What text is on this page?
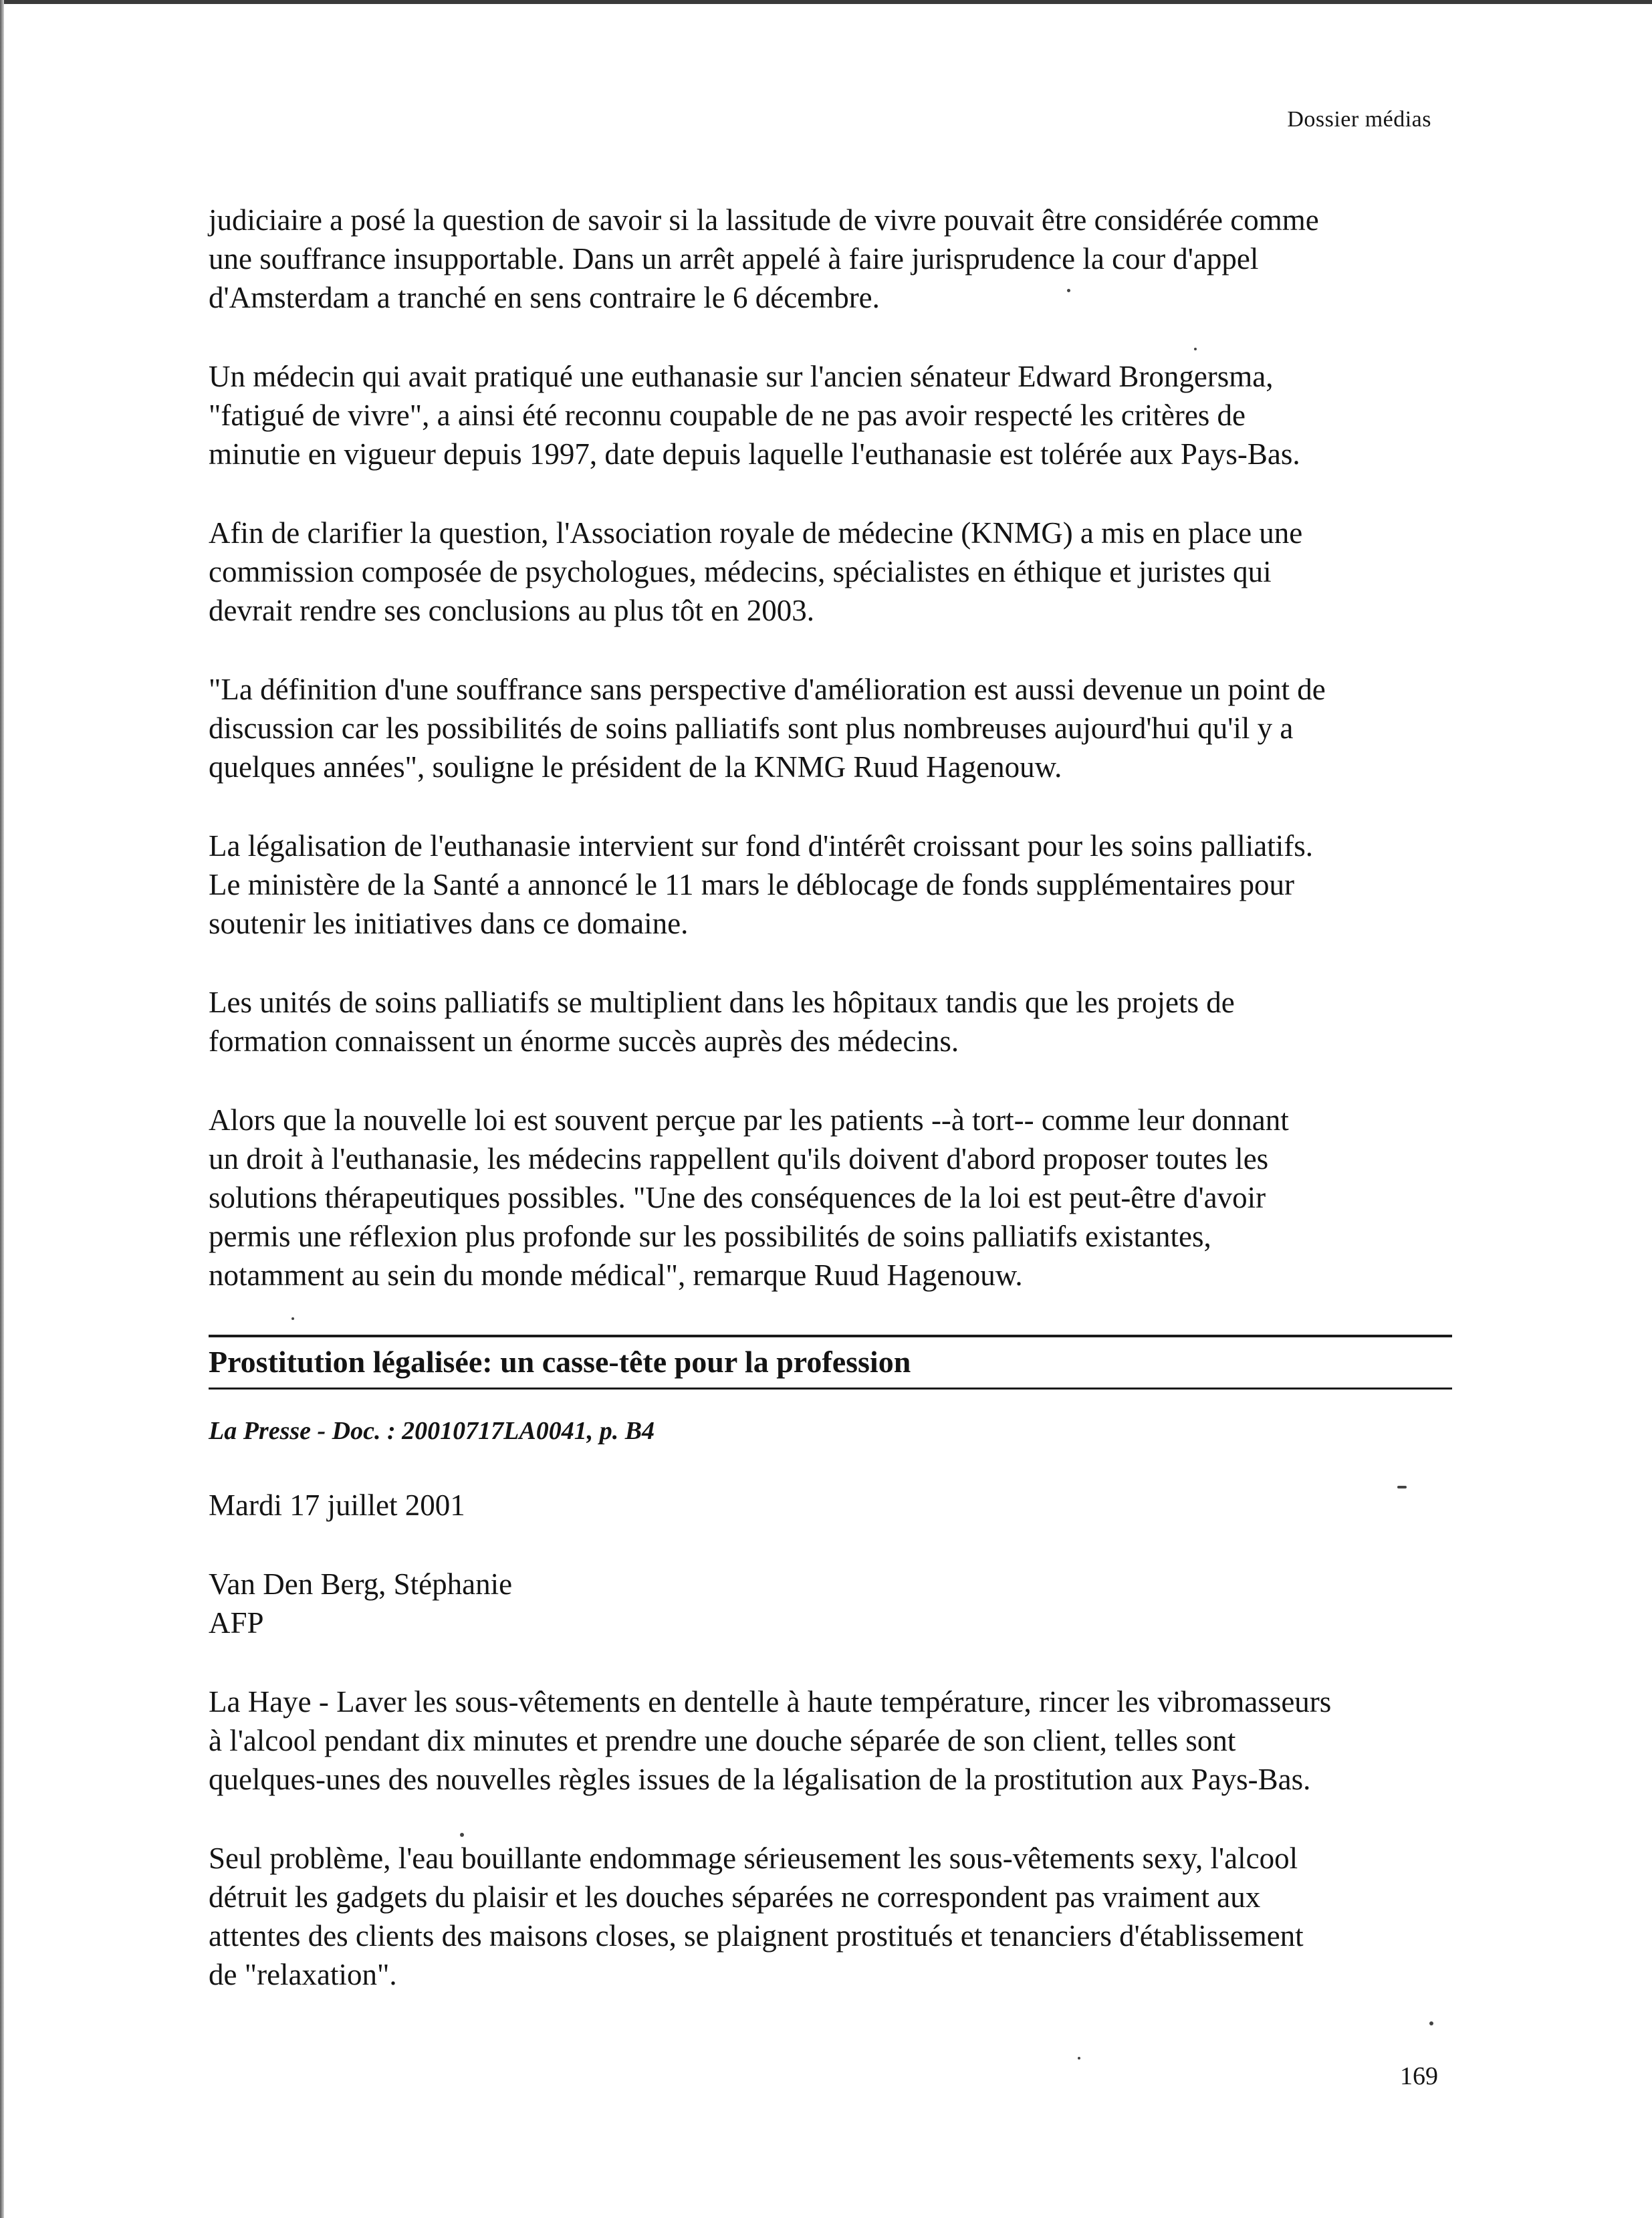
Dossier médias

judiciaire a posé la question de savoir si la lassitude de vivre pouvait être considérée comme
une souffrance insupportable. Dans un arrêt appelé à faire jurisprudence la cour d'appel
d'Amsterdam a tranché en sens contraire le 6 décembre.

Un médecin qui avait pratiqué une euthanasie sur l'ancien sénateur Edward Brongersma,
"fatigué de vivre", a ainsi été reconnu coupable de ne pas avoir respecté les critères de
minutie en vigueur depuis 1997, date depuis laquelle l'euthanasie est tolérée aux Pays-Bas.

Afin de clarifier la question, l'Association royale de médecine (KNMG) a mis en place une
commission composée de psychologues, médecins, spécialistes en éthique et juristes qui
devrait rendre ses conclusions au plus tôt en 2003.

"La définition d'une souffrance sans perspective d'amélioration est aussi devenue un point de
discussion car les possibilités de soins palliatifs sont plus nombreuses aujourd'hui qu'il y a
quelques années", souligne le président de la KNMG Ruud Hagenouw.

La légalisation de l'euthanasie intervient sur fond d'intérêt croissant pour les soins palliatifs.
Le ministère de la Santé a annoncé le 11 mars le déblocage de fonds supplémentaires pour
soutenir les initiatives dans ce domaine.

Les unités de soins palliatifs se multiplient dans les hôpitaux tandis que les projets de
formation connaissent un énorme succès auprès des médecins.

Alors que la nouvelle loi est souvent perçue par les patients --à tort-- comme leur donnant
un droit à l'euthanasie, les médecins rappellent qu'ils doivent d'abord proposer toutes les
solutions thérapeutiques possibles. "Une des conséquences de la loi est peut-être d'avoir
permis une réflexion plus profonde sur les possibilités de soins palliatifs existantes,
notamment au sein du monde médical", remarque Ruud Hagenouw.

Prostitution légalisée: un casse-tête pour la profession
La Presse - Doc. : 20010717LA0041, p. B4
Mardi 17 juillet 2001
Van Den Berg, Stéphanie
AFP

La Haye - Laver les sous-vêtements en dentelle à haute température, rincer les vibromasseurs
à l'alcool pendant dix minutes et prendre une douche séparée de son client, telles sont
quelques-unes des nouvelles règles issues de la légalisation de la prostitution aux Pays-Bas.

Seul problème, l'eau bouillante endommage sérieusement les sous-vêtements sexy, l'alcool
détruit les gadgets du plaisir et les douches séparées ne correspondent pas vraiment aux
attentes des clients des maisons closes, se plaignent prostitués et tenanciers d'établissement
de "relaxation".

169
